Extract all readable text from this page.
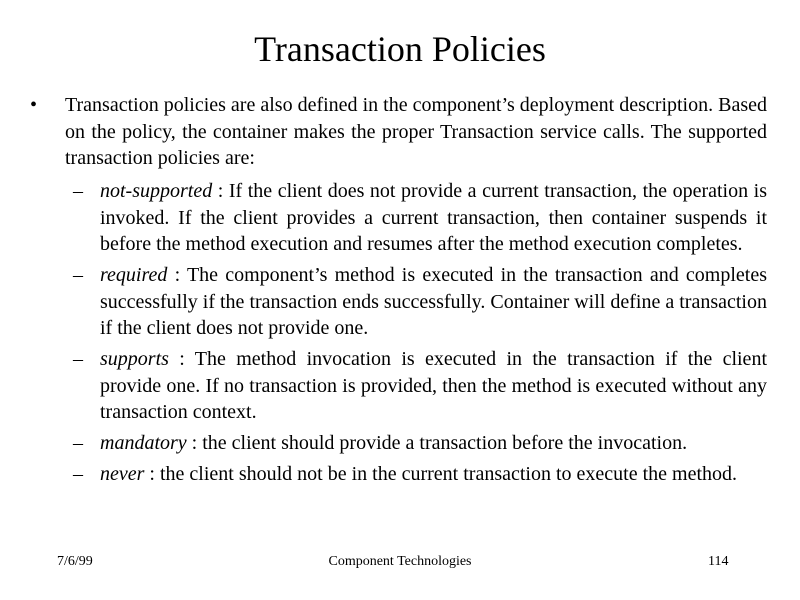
Transaction Policies
• Transaction policies are also defined in the component’s deployment description. Based on the policy, the container makes the proper Transaction service calls. The supported transaction policies are:
– not-supported : If the client does not provide a current transaction, the operation is invoked. If the client provides a current transaction, then container suspends it before the method execution and resumes after the method execution completes.
– required : The component’s method is executed in the transaction and completes successfully if the transaction ends successfully. Container will define a transaction if the client does not provide one.
– supports : The method invocation is executed in the transaction if the client provide one. If no transaction is provided, then the method is executed without any transaction context.
– mandatory : the client should provide a transaction before the invocation.
– never : the client should not be in the current transaction to execute the method.
7/6/99	Component Technologies	114
